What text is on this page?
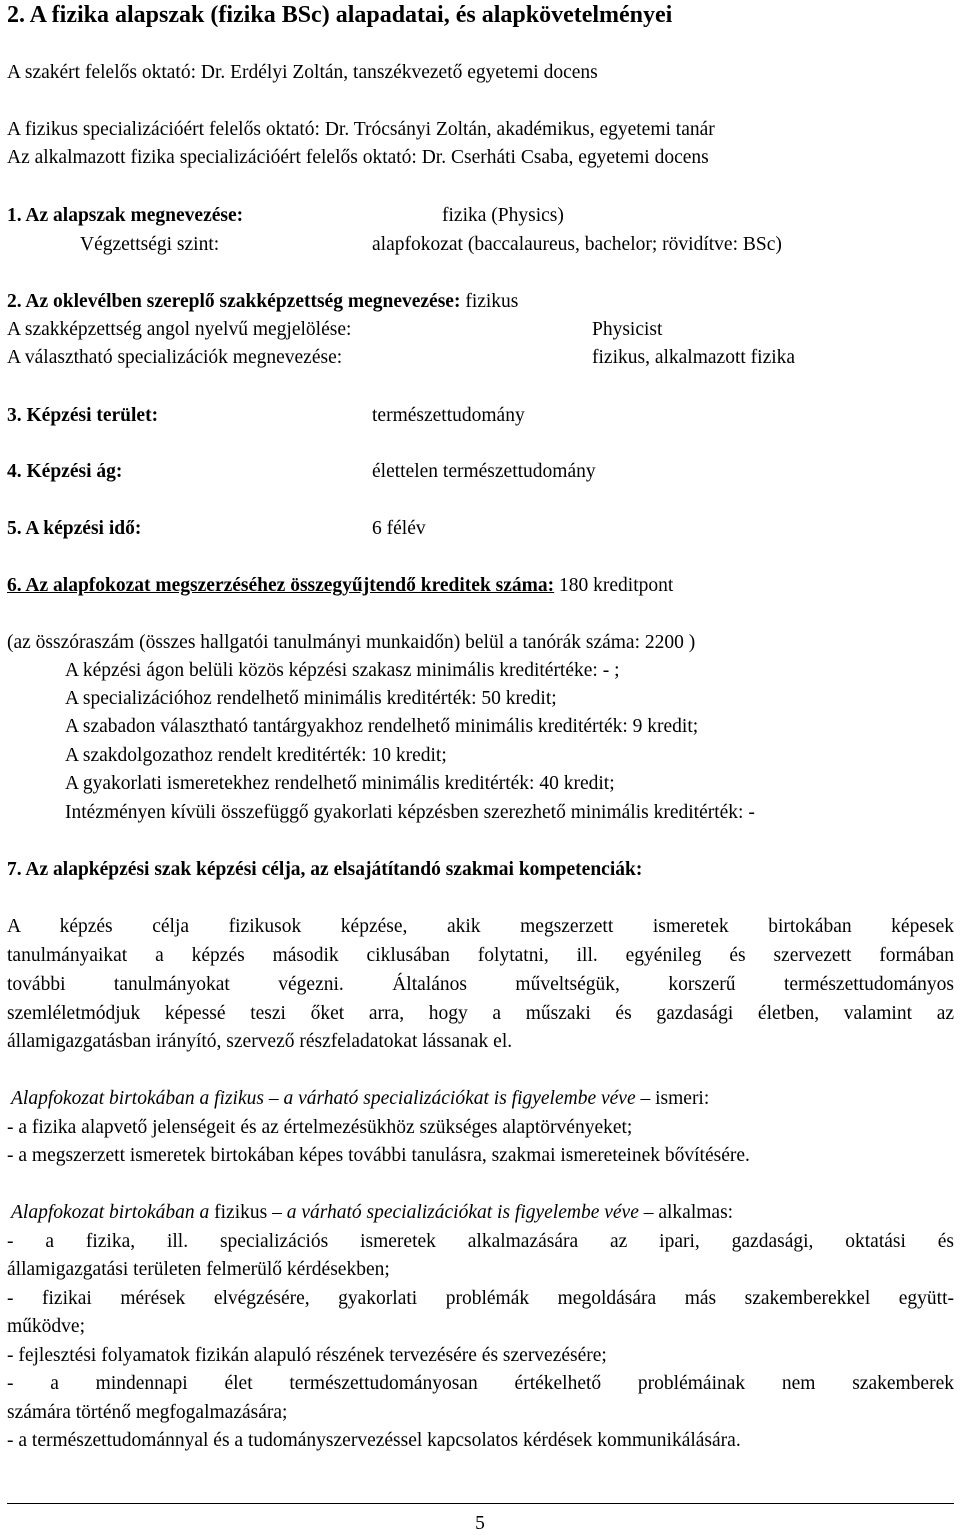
2. A fizika alapszak (fizika BSc) alapadatai, és alapkövetelményei
A szakért felelős oktató: Dr. Erdélyi Zoltán, tanszékvezető egyetemi docens
A fizikus specializációért felelős oktató: Dr. Trócsányi Zoltán, akadémikus, egyetemi tanár
Az alkalmazott fizika specializációért felelős oktató: Dr. Cserháti Csaba, egyetemi docens
1. Az alapszak megnevezése:	fizika (Physics)
Végzettségi szint:	alapfokozat (baccalaureus, bachelor; rövidítve: BSc)
2. Az oklevélben szereplő szakképzettség megnevezése: fizikus
A szakképzettség angol nyelvű megjelölése:	Physicist
A választható specializációk megnevezése:	fizikus, alkalmazott fizika
3. Képzési terület:	természettudomány
4. Képzési ág:	élettelen természettudomány
5. A képzési idő:	6 félév
6. Az alapfokozat megszerzéséhez összegyűjtendő kreditek száma: 180 kreditpont
(az összóraszám (összes hallgatói tanulmányi munkaidőn) belül a tanórák száma: 2200 )
A képzési ágon belüli közös képzési szakasz minimális kreditértéke: - ;
A specializációhoz rendelhető minimális kreditérték: 50 kredit;
A szabadon választható tantárgyakhoz rendelhető minimális kreditérték: 9 kredit;
A szakdolgozathoz rendelt kreditérték: 10 kredit;
A gyakorlati ismeretekhez rendelhető minimális kreditérték: 40 kredit;
Intézményen kívüli összefüggő gyakorlati képzésben szerezhető minimális kreditérték: -
7. Az alapképzési szak képzési célja, az elsajátítandó szakmai kompetenciák:
A képzés célja fizikusok képzése, akik megszerzett ismeretek birtokában képesek
tanulmányaikat a képzés második ciklusában folytatni, ill. egyénileg és szervezett formában
további tanulmányokat végezni. Általános műveltségük, korszerű természettudományos
szemléletmódjuk képessé teszi őket arra, hogy a műszaki és gazdasági életben, valamint az
államigazgatásban irányító, szervező részfeladatokat lássanak el.
Alapfokozat birtokában a fizikus – a várható specializációkat is figyelembe véve – ismeri:
- a fizika alapvető jelenségeit és az értelmezésükhöz szükséges alaptörvényeket;
- a megszerzett ismeretek birtokában képes további tanulásra, szakmai ismereteinek bővítésére.
Alapfokozat birtokában a fizikus – a várható specializációkat is figyelembe véve – alkalmas:
- a fizika, ill. specializációs ismeretek alkalmazására az ipari, gazdasági, oktatási és
államigazgatási területen felmerülő kérdésekben;
- fizikai mérések elvégzésére, gyakorlati problémák megoldására más szakemberekkel együtt-
működve;
- fejlesztési folyamatok fizikán alapuló részének tervezésére és szervezésére;
- a mindennapi élet természettudományosan értékelhető problémáinak nem szakemberek
számára történő megfogalmazására;
- a természettudománnyal és a tudományszervezéssel kapcsolatos kérdések kommunikálására.
5
